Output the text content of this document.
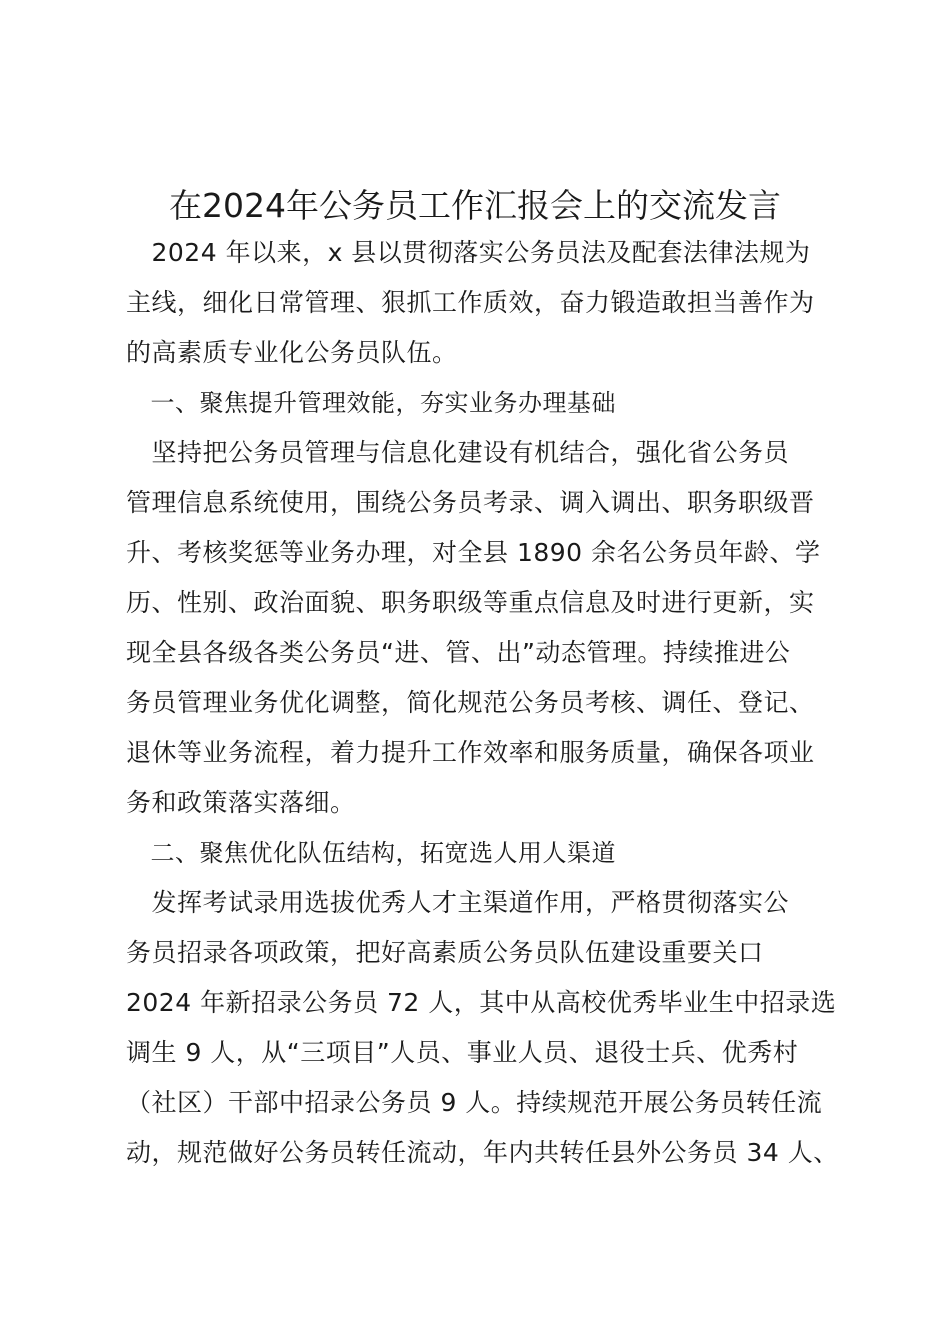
在2024年公务员工作汇报会上的交流发言

　2024 年以来，x 县以贯彻落实公务员法及配套法律法规为

主线，细化日常管理、狠抓工作质效，奋力锻造敢担当善作为

的高素质专业化公务员队伍。

　一、聚焦提升管理效能，夯实业务办理基础

　坚持把公务员管理与信息化建设有机结合，强化省公务员

管理信息系统使用，围绕公务员考录、调入调出、职务职级晋

升、考核奖惩等业务办理，对全县 1890 余名公务员年龄、学

历、性别、政治面貌、职务职级等重点信息及时进行更新，实

现全县各级各类公务员“进、管、出”动态管理。持续推进公

务员管理业务优化调整，简化规范公务员考核、调任、登记、

退休等业务流程，着力提升工作效率和服务质量，确保各项业

务和政策落实落细。

　二、聚焦优化队伍结构，拓宽选人用人渠道

　发挥考试录用选拔优秀人才主渠道作用，严格贯彻落实公

务员招录各项政策，把好高素质公务员队伍建设重要关口

2024 年新招录公务员 72 人，其中从高校优秀毕业生中招录选

调生 9 人，从“三项目”人员、事业人员、退役士兵、优秀村

（社区）干部中招录公务员 9 人。持续规范开展公务员转任流

动，规范做好公务员转任流动，年内共转任县外公务员 34 人、
